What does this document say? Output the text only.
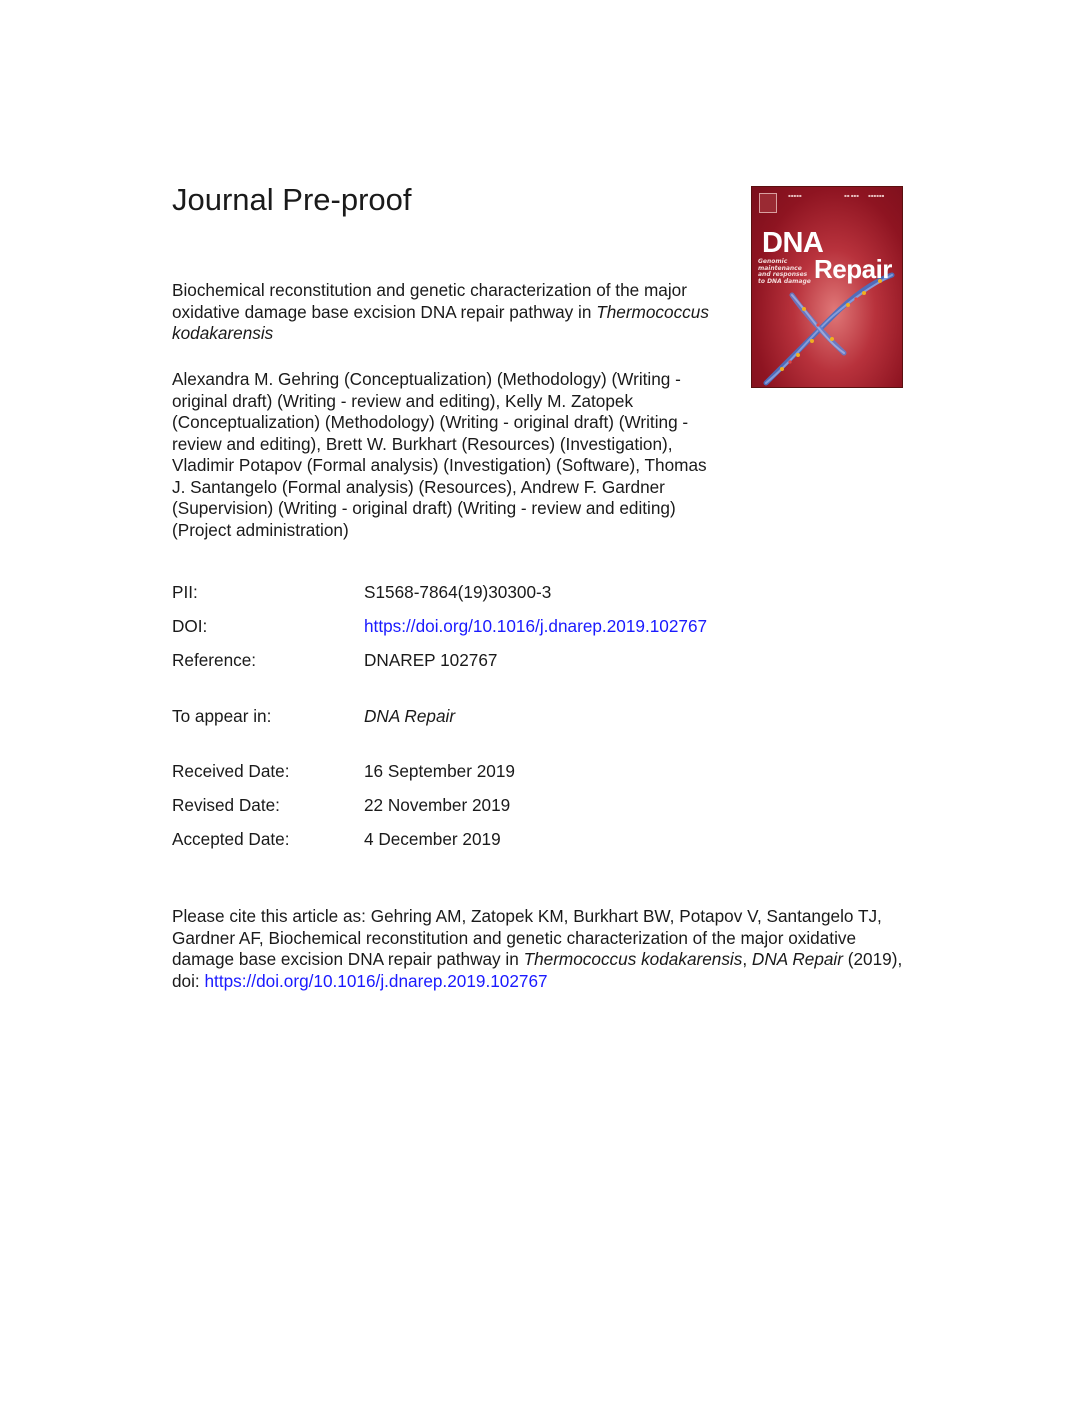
Journal Pre-proof	▪▪▪▪▪	▪▪ ▪▪▪ ▪▪▪▪▪▪
DNA
Repair
Genomic maintenance and responses to DNA damage

Biochemical reconstitution and genetic characterization of the major oxidative damage base excision DNA repair pathway in Thermococcus kodakarensis

Alexandra M. Gehring (Conceptualization) (Methodology) (Writing - original draft) (Writing - review and editing), Kelly M. Zatopek (Conceptualization) (Methodology) (Writing - original draft) (Writing - review and editing), Brett W. Burkhart (Resources) (Investigation), Vladimir Potapov (Formal analysis) (Investigation) (Software), Thomas J. Santangelo (Formal analysis) (Resources), Andrew F. Gardner (Supervision) (Writing - original draft) (Writing - review and editing) (Project administration)

PII:	S1568-7864(19)30300-3
DOI:	https://doi.org/10.1016/j.dnarep.2019.102767
Reference:	DNAREP 102767
To appear in:	DNA Repair
Received Date:	16 September 2019
Revised Date:	22 November 2019
Accepted Date:	4 December 2019

Please cite this article as: Gehring AM, Zatopek KM, Burkhart BW, Potapov V, Santangelo TJ, Gardner AF, Biochemical reconstitution and genetic characterization of the major oxidative damage base excision DNA repair pathway in Thermococcus kodakarensis, DNA Repair (2019), doi: https://doi.org/10.1016/j.dnarep.2019.102767
